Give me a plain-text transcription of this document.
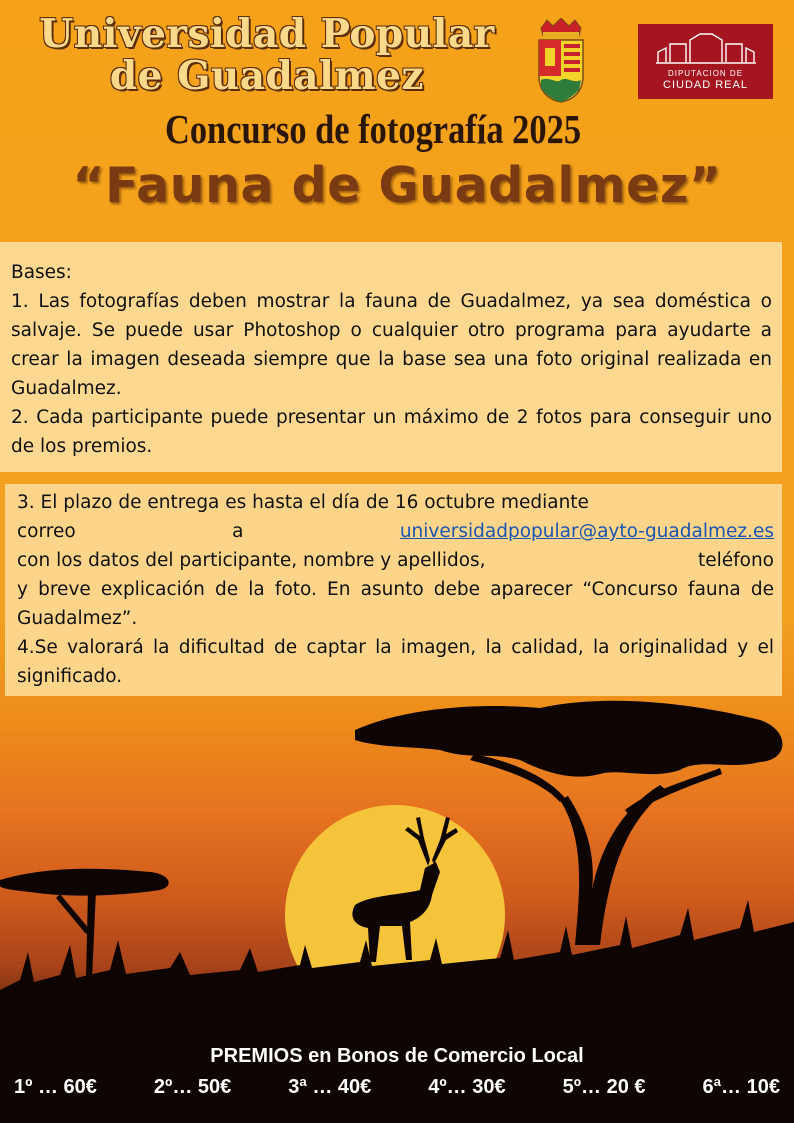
Universidad Popular
de Guadalmez	DIPUTACION DE
CIUDAD REAL
Concurso de fotografía 2025
“Fauna de Guadalmez”

Bases:

1. Las fotografías deben mostrar la fauna de Guadalmez, ya sea doméstica o salvaje. Se puede usar Photoshop o cualquier otro programa para ayudarte a crear la imagen deseada siempre que la base sea una foto original realizada en Guadalmez.

2. Cada participante puede presentar un máximo de 2 fotos para conseguir uno de los premios.

3. El plazo de entrega es hasta el día de 16 octubre mediante

correo	a	universidadpopular@ayto-guadalmez.es
con los datos del participante, nombre y apellidos,	teléfono

y breve explicación de la foto. En asunto debe aparecer “Concurso fauna de Guadalmez”.

4.Se valorará la dificultad de captar la imagen, la calidad, la originalidad y el significado.

PREMIOS en Bonos de Comercio Local
1º … 60€	2º… 50€	3ª … 40€	4º… 30€	5º… 20 €	6ª… 10€
